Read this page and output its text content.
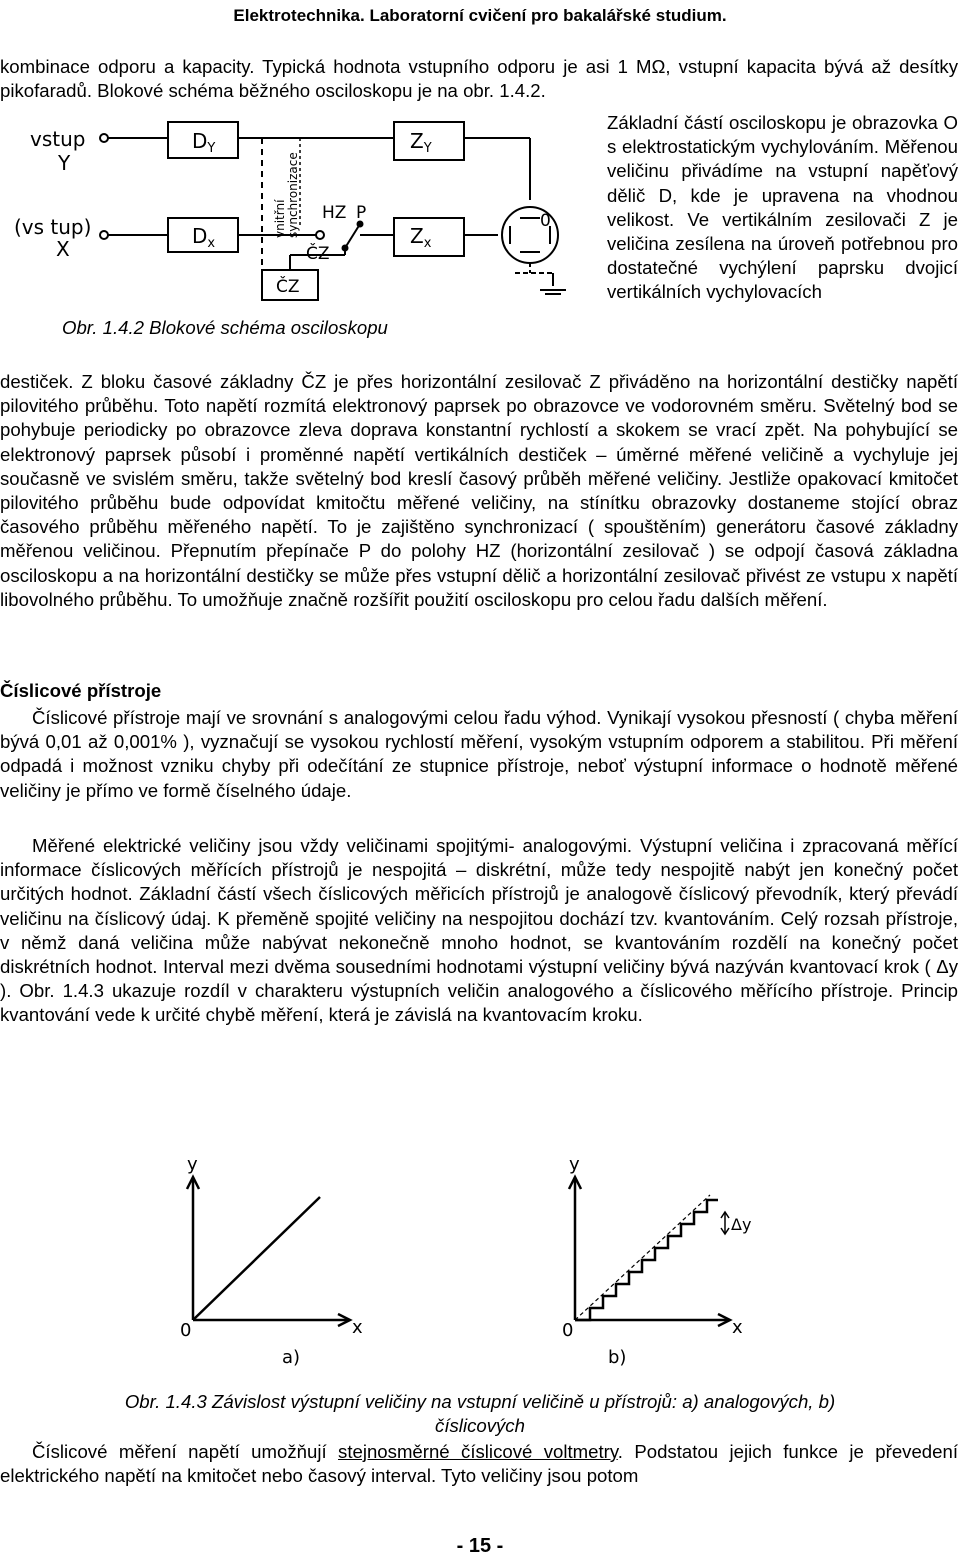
Elektrotechnika. Laboratorní cvičení pro bakalářské studium.
kombinace odporu a kapacity. Typická hodnota vstupního odporu je asi 1 MΩ, vstupní kapacita bývá až desítky pikofaradů. Blokové schéma běžného osciloskopu je na obr. 1.4.2.
vstup
Y
(vs tup)
X
$D_Y$
$D_x$
$Z_Y$
$Z_x$
ČZ
ČZ
HZ P	0
vnitřní synchronizace
Základní částí osciloskopu je obrazovka O s elektrostatickým vychylováním. Měřenou veličinu přivádíme na vstupní napěťový dělič D, kde je upravena na vhodnou velikost. Ve vertikálním zesilovači Z je veličina zesílena na úroveň potřebnou pro dostatečné vychýlení paprsku dvojicí vertikálních vychylovacích
Obr. 1.4.2 Blokové schéma osciloskopu
destiček. Z bloku časové základny ČZ je přes horizontální zesilovač Z přiváděno na horizontální destičky napětí pilovitého průběhu. Toto napětí rozmítá elektronový paprsek po obrazovce ve vodorovném směru. Světelný bod se pohybuje periodicky po obrazovce zleva doprava konstantní rychlostí a skokem se vrací zpět. Na pohybující se elektronový paprsek působí i proměnné napětí vertikálních destiček – úměrné měřené veličině a vychyluje jej současně ve svislém směru, takže světelný bod kreslí časový průběh měřené veličiny. Jestliže opakovací kmitočet pilovitého průběhu bude odpovídat kmitočtu měřené veličiny, na stínítku obrazovky dostaneme stojící obraz časového průběhu měřeného napětí. To je zajištěno synchronizací ( spouštěním) generátoru časové základny měřenou veličinou. Přepnutím přepínače P do polohy HZ (horizontální zesilovač ) se odpojí časová základna osciloskopu a na horizontální destičky se může přes vstupní dělič a horizontální zesilovač přivést ze vstupu x napětí libovolného průběhu. To umožňuje značně rozšířit použití osciloskopu pro celou řadu dalších měření.
Číslicové přístroje
Číslicové přístroje mají ve srovnání s analogovými celou řadu výhod. Vynikají vysokou přesností ( chyba měření bývá 0,01 až 0,001% ), vyznačují se vysokou rychlostí měření, vysokým vstupním odporem a stabilitou. Při měření odpadá i možnost vzniku chyby při odečítání ze stupnice přístroje, neboť výstupní informace o hodnotě měřené veličiny je přímo ve formě číselného údaje.
Měřené elektrické veličiny jsou vždy veličinami spojitými- analogovými. Výstupní veličina i zpracovaná měřící informace číslicových měřících přístrojů je nespojitá – diskrétní, může tedy nespojitě nabýt jen konečný počet určitých hodnot. Základní částí všech číslicových měřicích přístrojů je analogově číslicový převodník, který převádí veličinu na číslicový údaj. K přeměně spojité veličiny na nespojitou dochází tzv. kvantováním. Celý rozsah přístroje, v němž daná veličina může nabývat nekonečně mnoho hodnot, se kvantováním rozdělí na konečný počet diskrétních hodnot. Interval mezi dvěma sousedními hodnotami výstupní veličiny bývá nazýván kvantovací krok ( Δy ). Obr. 1.4.3 ukazuje rozdíl v charakteru výstupních veličin analogového a číslicového měřícího přístroje. Princip kvantování vede k určité chybě měření, která je závislá na kvantovacím kroku.
y
x
0
a)
y
x
0
b)
Δy
Obr. 1.4.3 Závislost výstupní veličiny na vstupní veličině u přístrojů: a) analogových, b)
číslicových
Číslicové měření napětí umožňují stejnosměrné číslicové voltmetry. Podstatou jejich funkce je převedení elektrického napětí na kmitočet nebo časový interval. Tyto veličiny jsou potom
- 15 -
